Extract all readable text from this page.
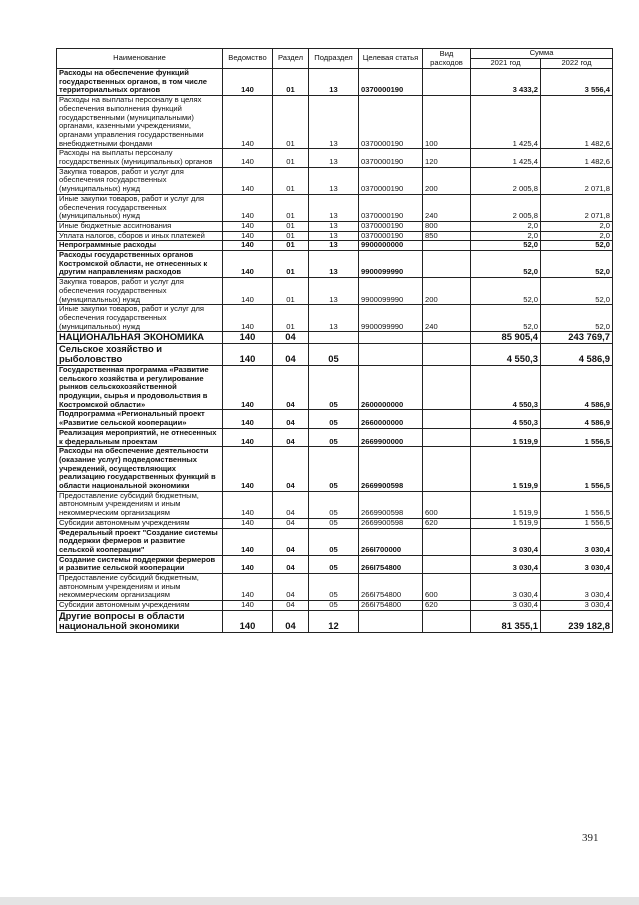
Наименование	Ведомство	Раздел	Подраздел	Целевая статья	Вид расходов	Сумма	
						2021 год	2022 год
Расходы на обеспечение функций государственных органов, в том числе территориальных органов	140	01	13	0370000190		3 433,2	3 556,4
Расходы на выплаты персоналу в целях обеспечения выполнения функций государственными (муниципальными) органами, казенными учреждениями, органами управления государственными внебюджетными фондами	140	01	13	0370000190	100	1 425,4	1 482,6
Расходы на выплаты персоналу государственных (муниципальных) органов	140	01	13	0370000190	120	1 425,4	1 482,6
Закупка товаров, работ и услуг для обеспечения государственных (муниципальных) нужд	140	01	13	0370000190	200	2 005,8	2 071,8
Иные закупки товаров, работ и услуг для обеспечения государственных (муниципальных) нужд	140	01	13	0370000190	240	2 005,8	2 071,8
Иные бюджетные ассигнования	140	01	13	0370000190	800	2,0	2,0
Уплата налогов, сборов и иных платежей	140	01	13	0370000190	850	2,0	2,0
Непрограммные расходы	140	01	13	9900000000		52,0	52,0
Расходы государственных органов Костромской области, не отнесенных к другим направлениям расходов	140	01	13	9900099990		52,0	52,0
Закупка товаров, работ и услуг для обеспечения государственных (муниципальных) нужд	140	01	13	9900099990	200	52,0	52,0
Иные закупки товаров, работ и услуг для обеспечения государственных (муниципальных) нужд	140	01	13	9900099990	240	52,0	52,0
НАЦИОНАЛЬНАЯ ЭКОНОМИКА	140	04				85 905,4	243 769,7
Сельское хозяйство и рыболовство	140	04	05			4 550,3	4 586,9
Государственная программа «Развитие сельского хозяйства и регулирование рынков сельскохозяйственной продукции, сырья и продовольствия в Костромской области»	140	04	05	2600000000		4 550,3	4 586,9
Подпрограмма «Региональный проект «Развитие сельской кооперации»	140	04	05	2660000000		4 550,3	4 586,9
Реализация мероприятий, не отнесенных к федеральным проектам	140	04	05	2669900000		1 519,9	1 556,5
Расходы на обеспечение деятельности (оказание услуг) подведомственных учреждений, осуществляющих реализацию государственных функций в области национальной экономики	140	04	05	2669900598		1 519,9	1 556,5
Предоставление субсидий бюджетным, автономным учреждениям и иным некоммерческим организациям	140	04	05	2669900598	600	1 519,9	1 556,5
Субсидии автономным учреждениям	140	04	05	2669900598	620	1 519,9	1 556,5
Федеральный проект "Создание системы поддержки фермеров и развитие сельской кооперации"	140	04	05	266I700000		3 030,4	3 030,4
Создание системы поддержки фермеров и развитие сельской кооперации	140	04	05	266I754800		3 030,4	3 030,4
Предоставление субсидий бюджетным, автономным учреждениям и иным некоммерческим организациям	140	04	05	266I754800	600	3 030,4	3 030,4
Субсидии автономным учреждениям	140	04	05	266I754800	620	3 030,4	3 030,4
Другие вопросы в области национальной экономики	140	04	12			81 355,1	239 182,8
391
